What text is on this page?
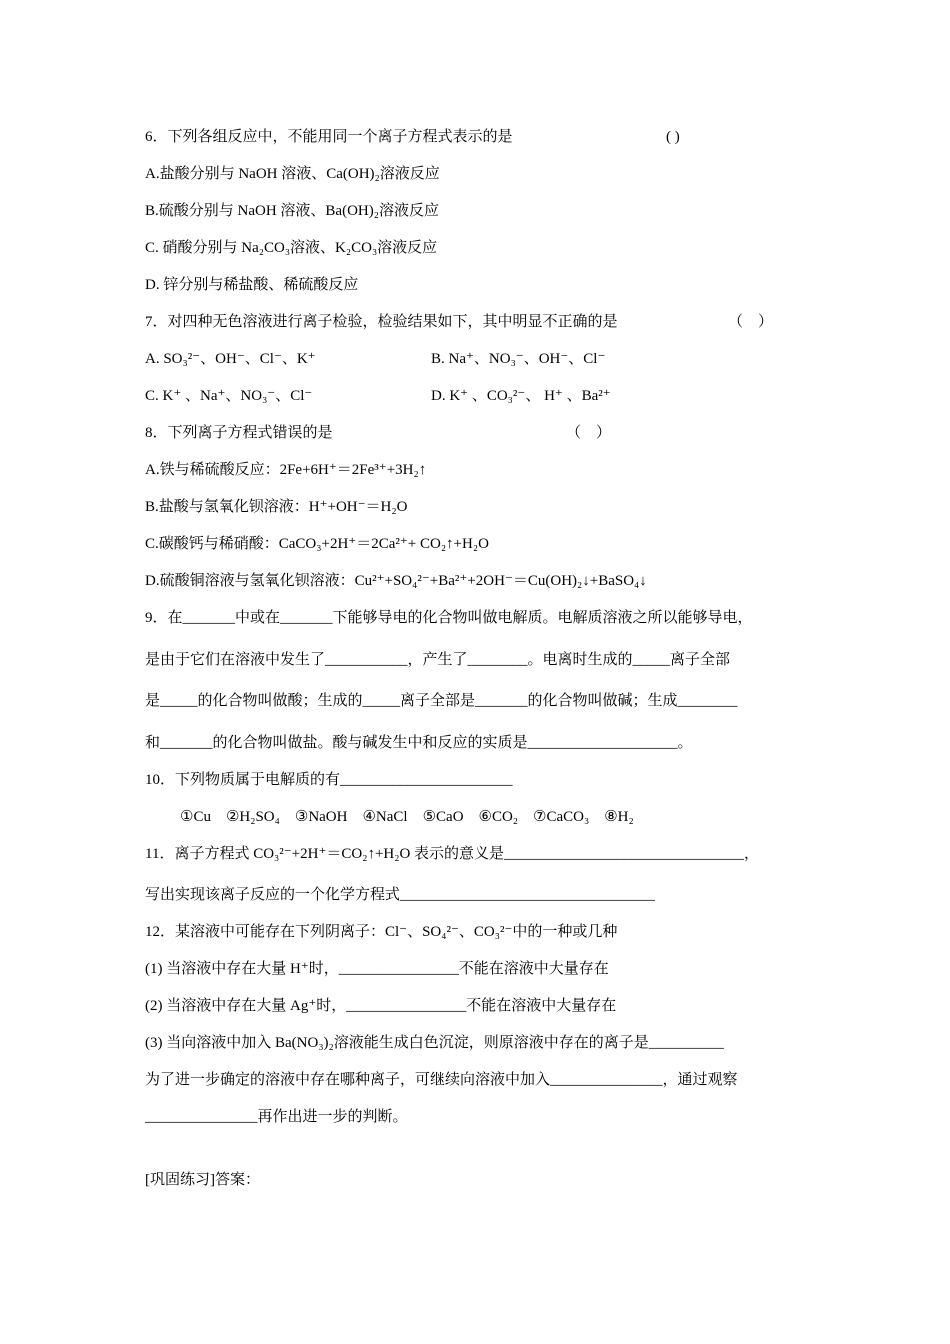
6．下列各组反应中，不能用同一个离子方程式表示的是	( )
A.盐酸分别与 NaOH 溶液、Ca(OH)₂溶液反应
B.硫酸分别与 NaOH 溶液、Ba(OH)₂溶液反应
C. 硝酸分别与 Na₂CO₃溶液、K₂CO₃溶液反应
D. 锌分别与稀盐酸、稀硫酸反应
7．对四种无色溶液进行离子检验，检验结果如下，其中明显不正确的是	（　）
A. SO₃²⁻、OH⁻、Cl⁻、K⁺	B. Na⁺、NO₃⁻、OH⁻、Cl⁻
C. K⁺ 、Na⁺、NO₃⁻、Cl⁻	D. K⁺ 、CO₃²⁻、 H⁺ 、Ba²⁺
8．下列离子方程式错误的是	（　）
A.铁与稀硫酸反应：2Fe+6H⁺＝2Fe³⁺+3H₂↑
B.盐酸与氢氧化钡溶液：H⁺+OH⁻＝H₂O
C.碳酸钙与稀硝酸：CaCO₃+2H⁺＝2Ca²⁺+ CO₂↑+H₂O
D.硫酸铜溶液与氢氧化钡溶液：Cu²⁺+SO₄²⁻+Ba²⁺+2OH⁻＝Cu(OH)₂↓+BaSO₄↓
9．在_______中或在_______下能够导电的化合物叫做电解质。电解质溶液之所以能够导电，
是由于它们在溶液中发生了___________，产生了________。电离时生成的_____离子全部
是_____的化合物叫做酸；生成的_____离子全部是_______的化合物叫做碱；生成________
和_______的化合物叫做盐。酸与碱发生中和反应的实质是____________________。
10．下列物质属于电解质的有_______________________
①Cu　②H₂SO₄　③NaOH　④NaCl　⑤CaO　⑥CO₂　⑦CaCO₃　⑧H₂
11．离子方程式 CO₃²⁻+2H⁺＝CO₂↑+H₂O 表示的意义是________________________________，
写出实现该离子反应的一个化学方程式__________________________________
12．某溶液中可能存在下列阴离子：Cl⁻、SO₄²⁻、CO₃²⁻中的一种或几种
(1) 当溶液中存在大量 H⁺时，________________不能在溶液中大量存在
(2) 当溶液中存在大量 Ag⁺时，________________不能在溶液中大量存在
(3) 当向溶液中加入 Ba(NO₃)₂溶液能生成白色沉淀，则原溶液中存在的离子是__________
为了进一步确定的溶液中存在哪种离子，可继续向溶液中加入_______________，通过观察
_______________再作出进一步的判断。
[巩固练习]答案：
